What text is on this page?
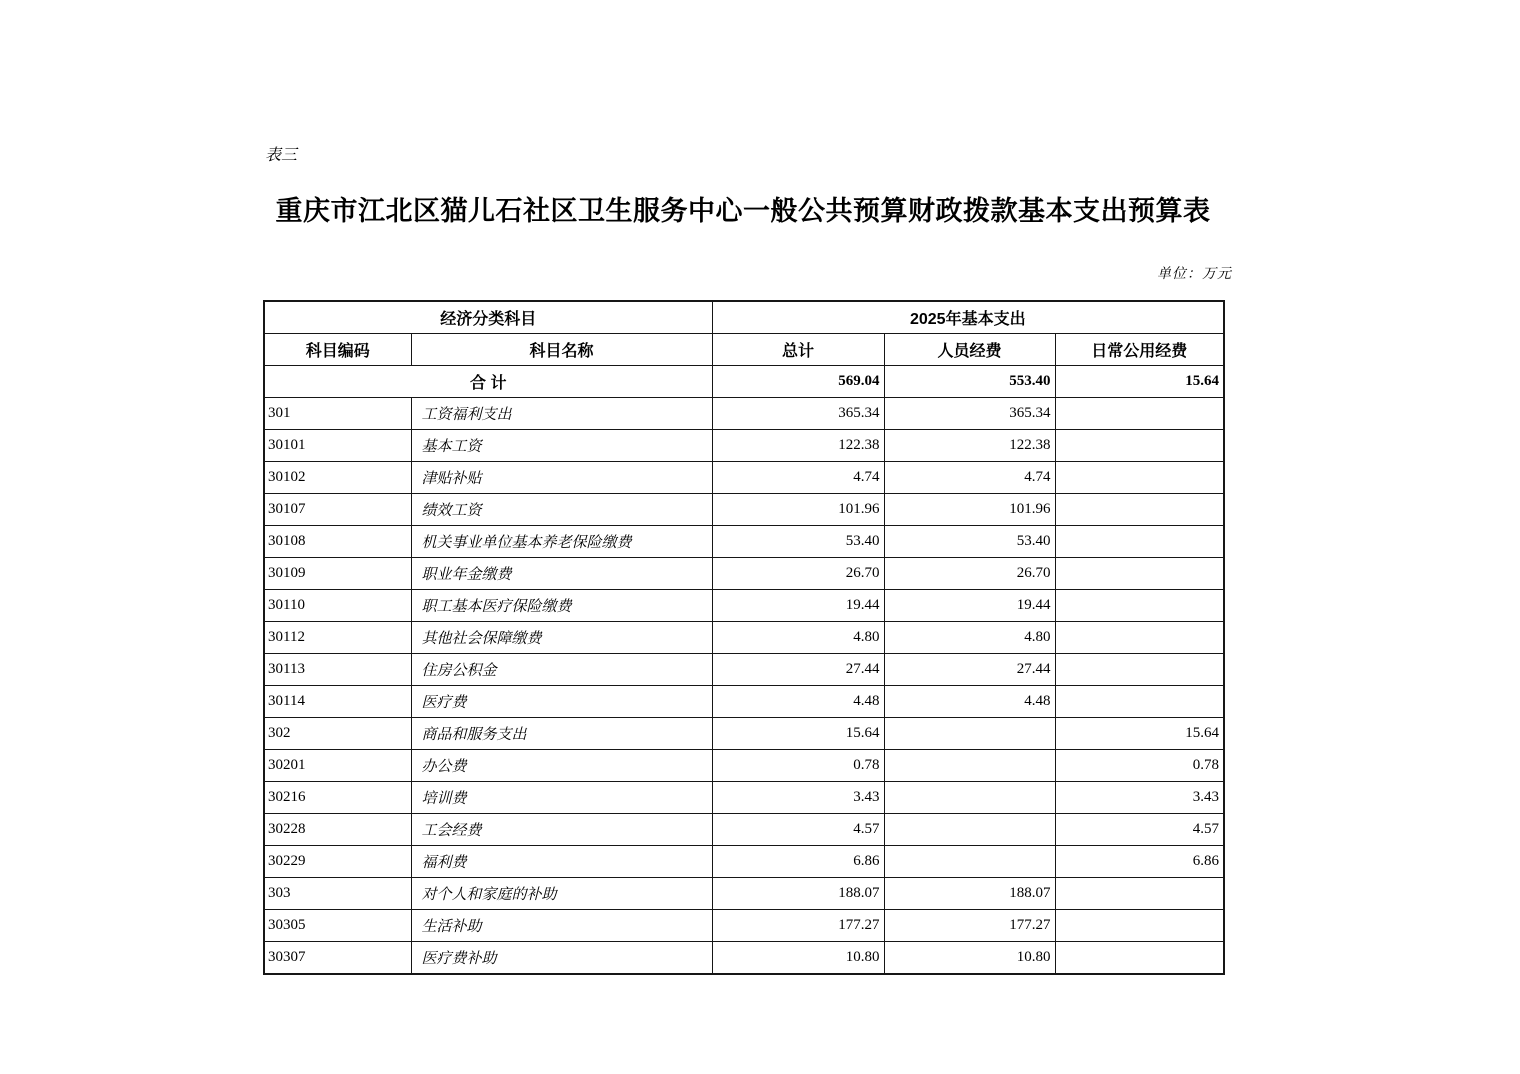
表三
重庆市江北区猫儿石社区卫生服务中心一般公共预算财政拨款基本支出预算表
单位：万元
经济分类科目		2025年基本支出		
科目编码	科目名称	总计	人员经费	日常公用经费
合 计		569.04	553.40	15.64
301	工资福利支出	365.34	365.34	
30101	基本工资	122.38	122.38	
30102	津贴补贴	4.74	4.74	
30107	绩效工资	101.96	101.96	
30108	机关事业单位基本养老保险缴费	53.40	53.40	
30109	职业年金缴费	26.70	26.70	
30110	职工基本医疗保险缴费	19.44	19.44	
30112	其他社会保障缴费	4.80	4.80	
30113	住房公积金	27.44	27.44	
30114	医疗费	4.48	4.48	
302	商品和服务支出	15.64		15.64
30201	办公费	0.78		0.78
30216	培训费	3.43		3.43
30228	工会经费	4.57		4.57
30229	福利费	6.86		6.86
303	对个人和家庭的补助	188.07	188.07	
30305	生活补助	177.27	177.27	
30307	医疗费补助	10.80	10.80	
